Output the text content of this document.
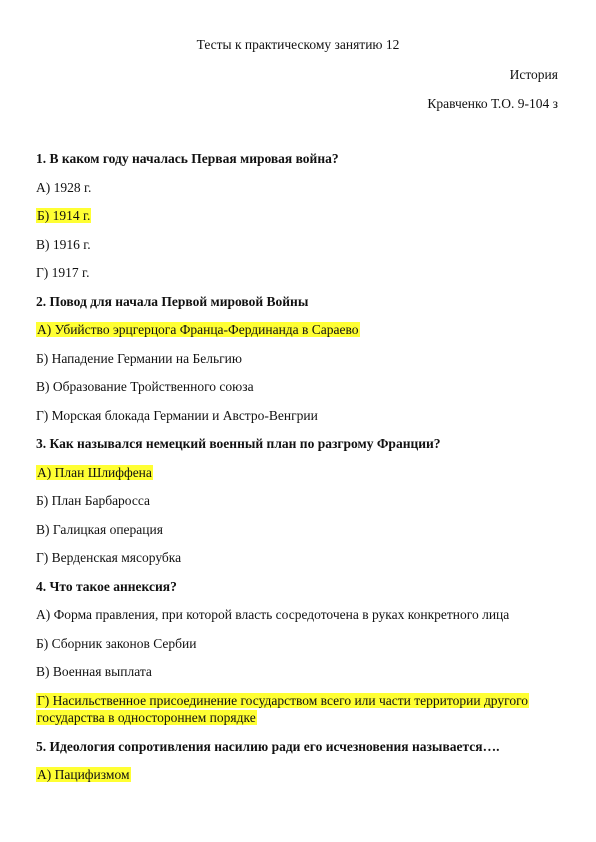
Тесты к практическому занятию 12
История
Кравченко Т.О. 9-104 з
1. В каком году началась Первая мировая война?
А) 1928 г.
Б) 1914 г.
В) 1916 г.
Г) 1917 г.
2. Повод для начала Первой мировой Войны
А) Убийство эрцгерцога Франца-Фердинанда в Сараево
Б) Нападение Германии на Бельгию
В) Образование Тройственного союза
Г) Морская блокада Германии и Австро-Венгрии
3. Как назывался немецкий военный план по разгрому Франции?
А) План Шлиффена
Б) План Барбаросса
В) Галицкая операция
Г) Верденская мясорубка
4. Что такое аннексия?
А) Форма правления, при которой власть сосредоточена в руках конкретного лица
Б) Сборник законов Сербии
В) Военная выплата
Г) Насильственное присоединение государством всего или части территории другого государства в одностороннем порядке
5. Идеология сопротивления насилию ради его исчезновения называется….
А) Пацифизмом
